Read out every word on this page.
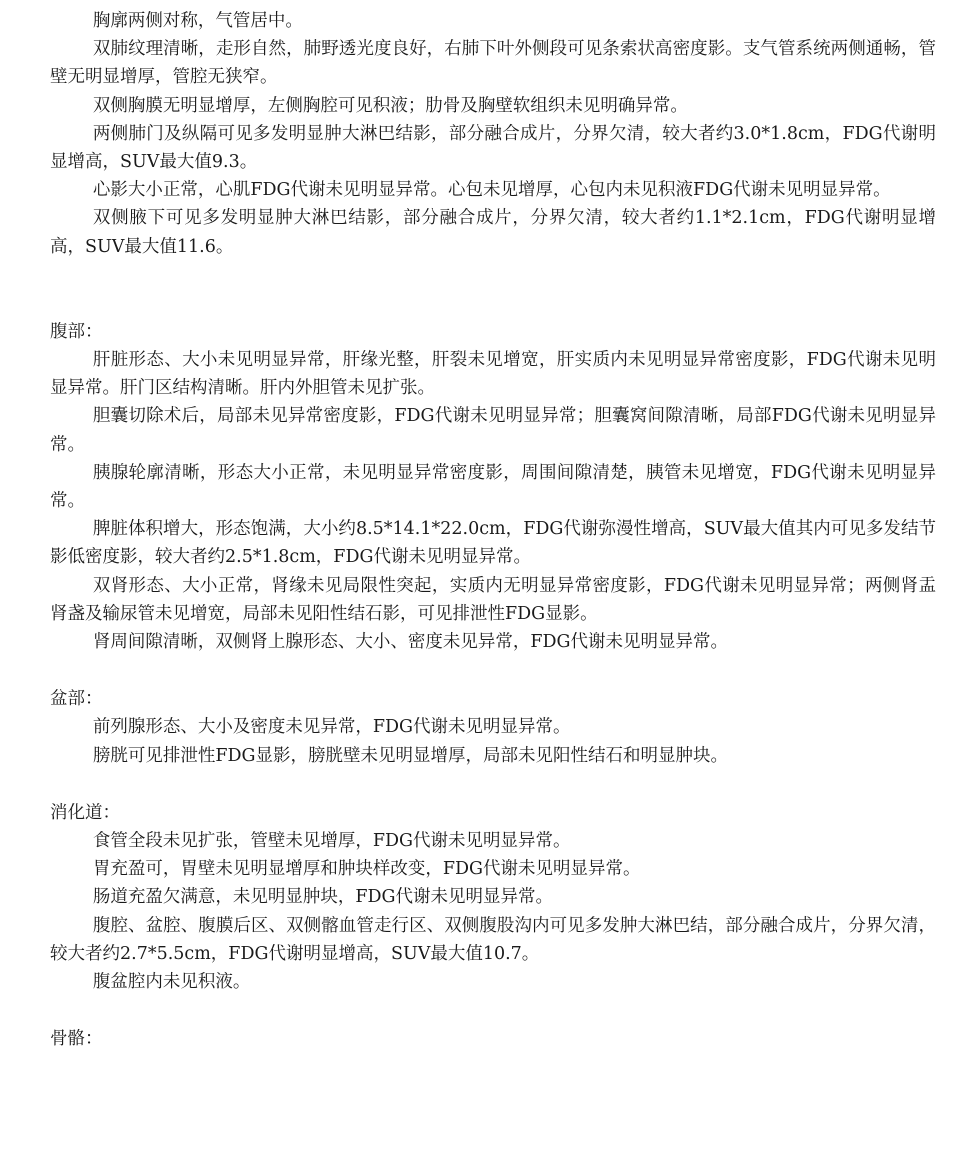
胸廓两侧对称，气管居中。

双肺纹理清晰，走形自然，肺野透光度良好，右肺下叶外侧段可见条索状高密度影。支气管系统两侧通畅，管壁无明显增厚，管腔无狭窄。

双侧胸膜无明显增厚，左侧胸腔可见积液；肋骨及胸壁软组织未见明确异常。

两侧肺门及纵隔可见多发明显肿大淋巴结影，部分融合成片，分界欠清，较大者约3.0*1.8cm，FDG代谢明显增高，SUV最大值9.3。

心影大小正常，心肌FDG代谢未见明显异常。心包未见增厚，心包内未见积液FDG代谢未见明显异常。

双侧腋下可见多发明显肿大淋巴结影，部分融合成片，分界欠清，较大者约1.1*2.1cm，FDG代谢明显增高，SUV最大值11.6。

腹部：

肝脏形态、大小未见明显异常，肝缘光整，肝裂未见增宽，肝实质内未见明显异常密度影，FDG代谢未见明显异常。肝门区结构清晰。肝内外胆管未见扩张。

胆囊切除术后，局部未见异常密度影，FDG代谢未见明显异常；胆囊窝间隙清晰，局部FDG代谢未见明显异常。

胰腺轮廓清晰，形态大小正常，未见明显异常密度影，周围间隙清楚，胰管未见增宽，FDG代谢未见明显异常。

脾脏体积增大，形态饱满，大小约8.5*14.1*22.0cm，FDG代谢弥漫性增高，SUV最大值其内可见多发结节影低密度影，较大者约2.5*1.8cm，FDG代谢未见明显异常。

双肾形态、大小正常，肾缘未见局限性突起，实质内无明显异常密度影，FDG代谢未见明显异常；两侧肾盂肾盏及输尿管未见增宽，局部未见阳性结石影，可见排泄性FDG显影。

肾周间隙清晰，双侧肾上腺形态、大小、密度未见异常，FDG代谢未见明显异常。

盆部：

前列腺形态、大小及密度未见异常，FDG代谢未见明显异常。

膀胱可见排泄性FDG显影，膀胱壁未见明显增厚，局部未见阳性结石和明显肿块。

消化道：

食管全段未见扩张，管壁未见增厚，FDG代谢未见明显异常。

胃充盈可，胃壁未见明显增厚和肿块样改变，FDG代谢未见明显异常。

肠道充盈欠满意，未见明显肿块，FDG代谢未见明显异常。

腹腔、盆腔、腹膜后区、双侧髂血管走行区、双侧腹股沟内可见多发肿大淋巴结，部分融合成片，分界欠清，较大者约2.7*5.5cm，FDG代谢明显增高，SUV最大值10.7。

腹盆腔内未见积液。

骨骼：
